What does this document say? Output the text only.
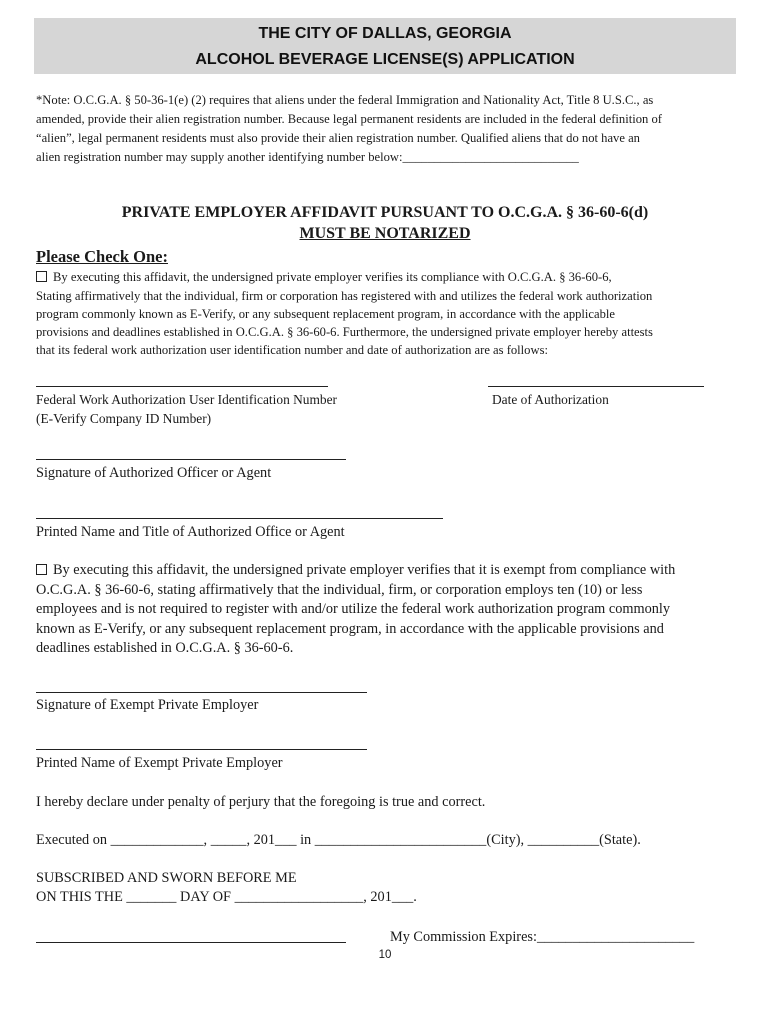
THE CITY OF DALLAS, GEORGIA
ALCOHOL BEVERAGE LICENSE(S) APPLICATION
*Note: O.C.G.A. § 50-36-1(e) (2) requires that aliens under the federal Immigration and Nationality Act, Title 8 U.S.C., as
amended, provide their alien registration number. Because legal permanent residents are included in the federal definition of
“alien”, legal permanent residents must also provide their alien registration number. Qualified aliens that do not have an
alien registration number may supply another identifying number below:____________________________
PRIVATE EMPLOYER AFFIDAVIT PURSUANT TO O.C.G.A. § 36-60-6(d)
MUST BE NOTARIZED
Please Check One:
By executing this affidavit, the undersigned private employer verifies its compliance with O.C.G.A. § 36-60-6,
Stating affirmatively that the individual, firm or corporation has registered with and utilizes the federal work authorization
program commonly known as E-Verify, or any subsequent replacement program, in accordance with the applicable
provisions and deadlines established in O.C.G.A. § 36-60-6. Furthermore, the undersigned private employer hereby attests
that its federal work authorization user identification number and date of authorization are as follows:
Federal Work Authorization User Identification Number	Date of Authorization
(E-Verify Company ID Number)
Signature of Authorized Officer or Agent
Printed Name and Title of Authorized Office or Agent
By executing this affidavit, the undersigned private employer verifies that it is exempt from compliance with
O.C.G.A. § 36-60-6, stating affirmatively that the individual, firm, or corporation employs ten (10) or less
employees and is not required to register with and/or utilize the federal work authorization program commonly
known as E-Verify, or any subsequent replacement program, in accordance with the applicable provisions and
deadlines established in O.C.G.A. § 36-60-6.
Signature of Exempt Private Employer
Printed Name of Exempt Private Employer
I hereby declare under penalty of perjury that the foregoing is true and correct.
Executed on _____________, _____, 201___ in ________________________(City), __________(State).
SUBSCRIBED AND SWORN BEFORE ME
ON THIS THE _______ DAY OF __________________, 201___.
My Commission Expires:______________________
10
